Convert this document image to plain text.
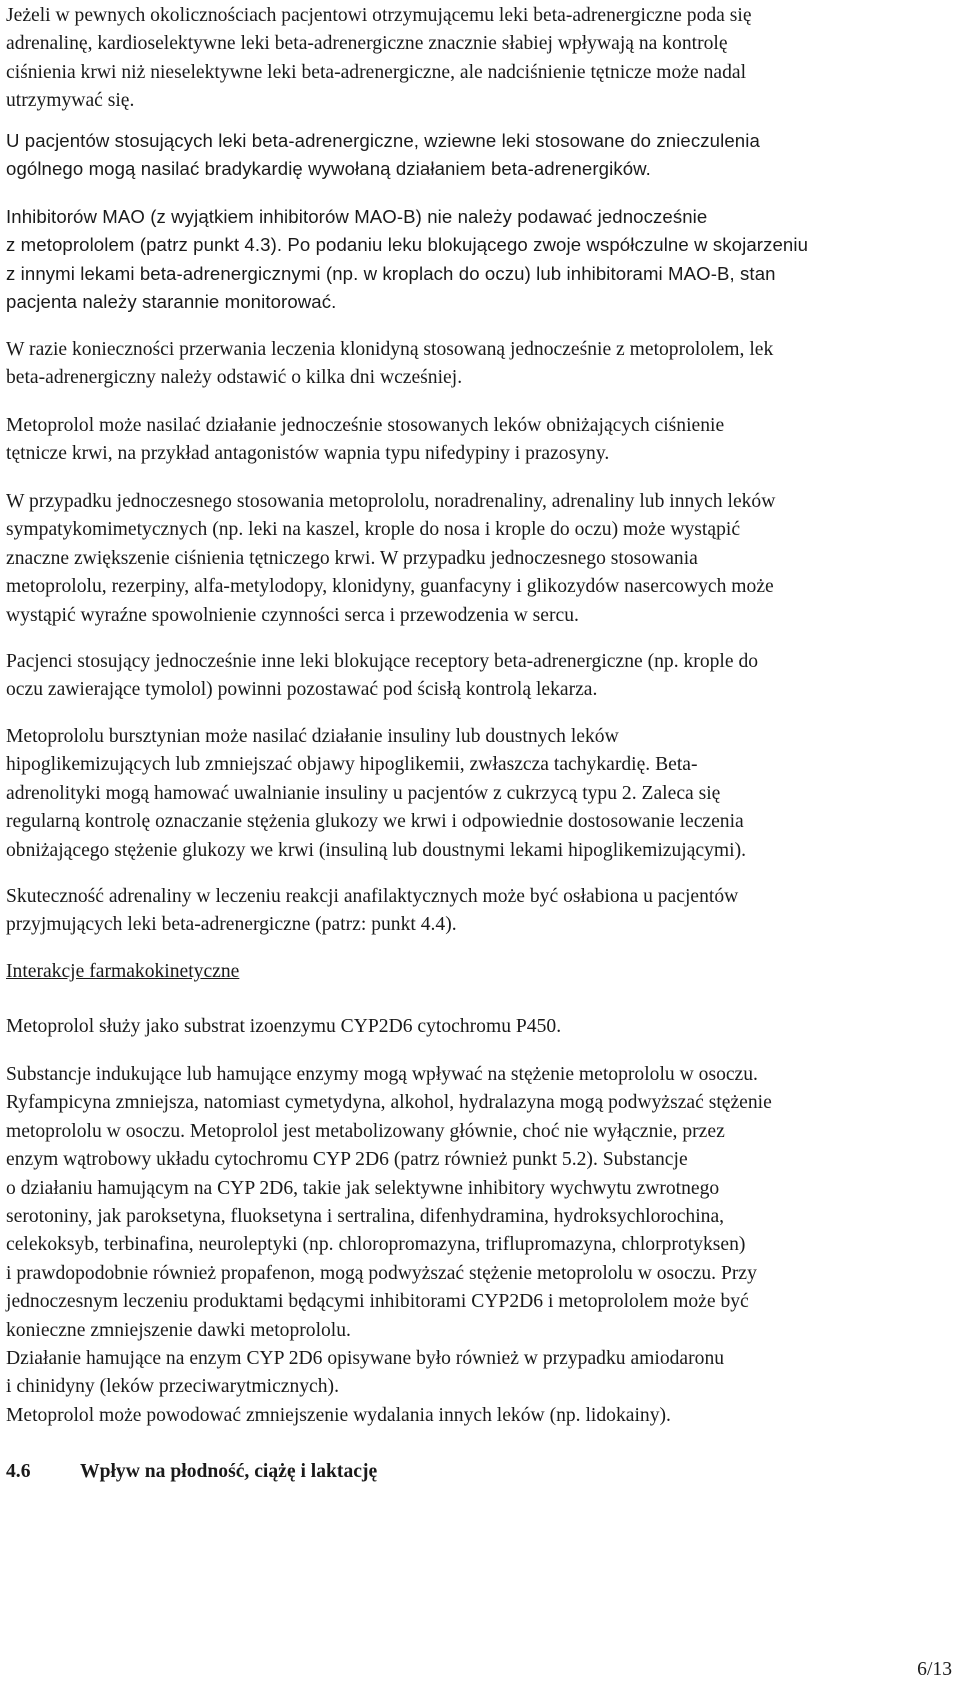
Jeżeli w pewnych okolicznościach pacjentowi otrzymującemu leki beta-adrenergiczne poda się
adrenalinę, kardioselektywne leki beta-adrenergiczne znacznie słabiej wpływają na kontrolę
ciśnienia krwi niż nieselektywne leki beta-adrenergiczne, ale nadciśnienie tętnicze może nadal
utrzymywać się.
U pacjentów stosujących leki beta-adrenergiczne, wziewne leki stosowane do znieczulenia
ogólnego mogą nasilać bradykardię wywołaną działaniem beta-adrenergików.
Inhibitorów MAO (z wyjątkiem inhibitorów MAO-B) nie należy podawać jednocześnie
z metoprololem (patrz punkt 4.3). Po podaniu leku blokującego zwoje współczulne w skojarzeniu
z innymi lekami beta-adrenergicznymi (np. w kroplach do oczu) lub inhibitorami MAO-B, stan
pacjenta należy starannie monitorować.
W razie konieczności przerwania leczenia klonidyną stosowaną jednocześnie z metoprololem, lek
beta-adrenergiczny należy odstawić o kilka dni wcześniej.
Metoprolol może nasilać działanie jednocześnie stosowanych leków obniżających ciśnienie
tętnicze krwi, na przykład antagonistów wapnia typu nifedypiny i prazosyny.
W przypadku jednoczesnego stosowania metoprololu, noradrenaliny, adrenaliny lub innych leków
sympatykomimetycznych (np. leki na kaszel, krople do nosa i krople do oczu) może wystąpić
znaczne zwiększenie ciśnienia tętniczego krwi. W przypadku jednoczesnego stosowania
metoprololu, rezerpiny, alfa-metylodopy, klonidyny, guanfacyny i glikozydów nasercowych może
wystąpić wyraźne spowolnienie czynności serca i przewodzenia w sercu.
Pacjenci stosujący jednocześnie inne leki blokujące receptory beta-adrenergiczne (np. krople do
oczu zawierające tymolol) powinni pozostawać pod ścisłą kontrolą lekarza.
Metoprololu bursztynian może nasilać działanie insuliny lub doustnych leków
hipoglikemizujących lub zmniejszać objawy hipoglikemii, zwłaszcza tachykardię. Beta-
adrenolityki mogą hamować uwalnianie insuliny u pacjentów z cukrzycą typu 2. Zaleca się
regularną kontrolę oznaczanie stężenia glukozy we krwi i odpowiednie dostosowanie leczenia
obniżającego stężenie glukozy we krwi (insuliną lub doustnymi lekami hipoglikemizującymi).
Skuteczność adrenaliny w leczeniu reakcji anafilaktycznych może być osłabiona u pacjentów
przyjmujących leki beta-adrenergiczne (patrz: punkt 4.4).
Interakcje farmakokinetyczne
Metoprolol służy jako substrat izoenzymu CYP2D6 cytochromu P450.
Substancje indukujące lub hamujące enzymy mogą wpływać na stężenie metoprololu w osoczu.
Ryfampicyna zmniejsza, natomiast cymetydyna, alkohol, hydralazyna mogą podwyższać stężenie
metoprololu w osoczu. Metoprolol jest metabolizowany głównie, choć nie wyłącznie, przez
enzym wątrobowy układu cytochromu CYP 2D6 (patrz również punkt 5.2). Substancje
o działaniu hamującym na CYP 2D6, takie jak selektywne inhibitory wychwytu zwrotnego
serotoniny, jak paroksetyna, fluoksetyna i sertralina, difenhydramina, hydroksychlorochina,
celekoksyb, terbinafina, neuroleptyki (np. chloropromazyna, triflupromazyna, chlorprotyksen)
i prawdopodobnie również propafenon, mogą podwyższać stężenie metoprololu w osoczu. Przy
jednoczesnym leczeniu produktami będącymi inhibitorami CYP2D6 i metoprololem może być
konieczne zmniejszenie dawki metoprololu.
Działanie hamujące na enzym CYP 2D6 opisywane było również w przypadku amiodaronu
i chinidyny (leków przeciwarytmicznych).
Metoprolol może powodować zmniejszenie wydalania innych leków (np. lidokainy).
4.6	Wpływ na płodność, ciążę i laktację
6/13
